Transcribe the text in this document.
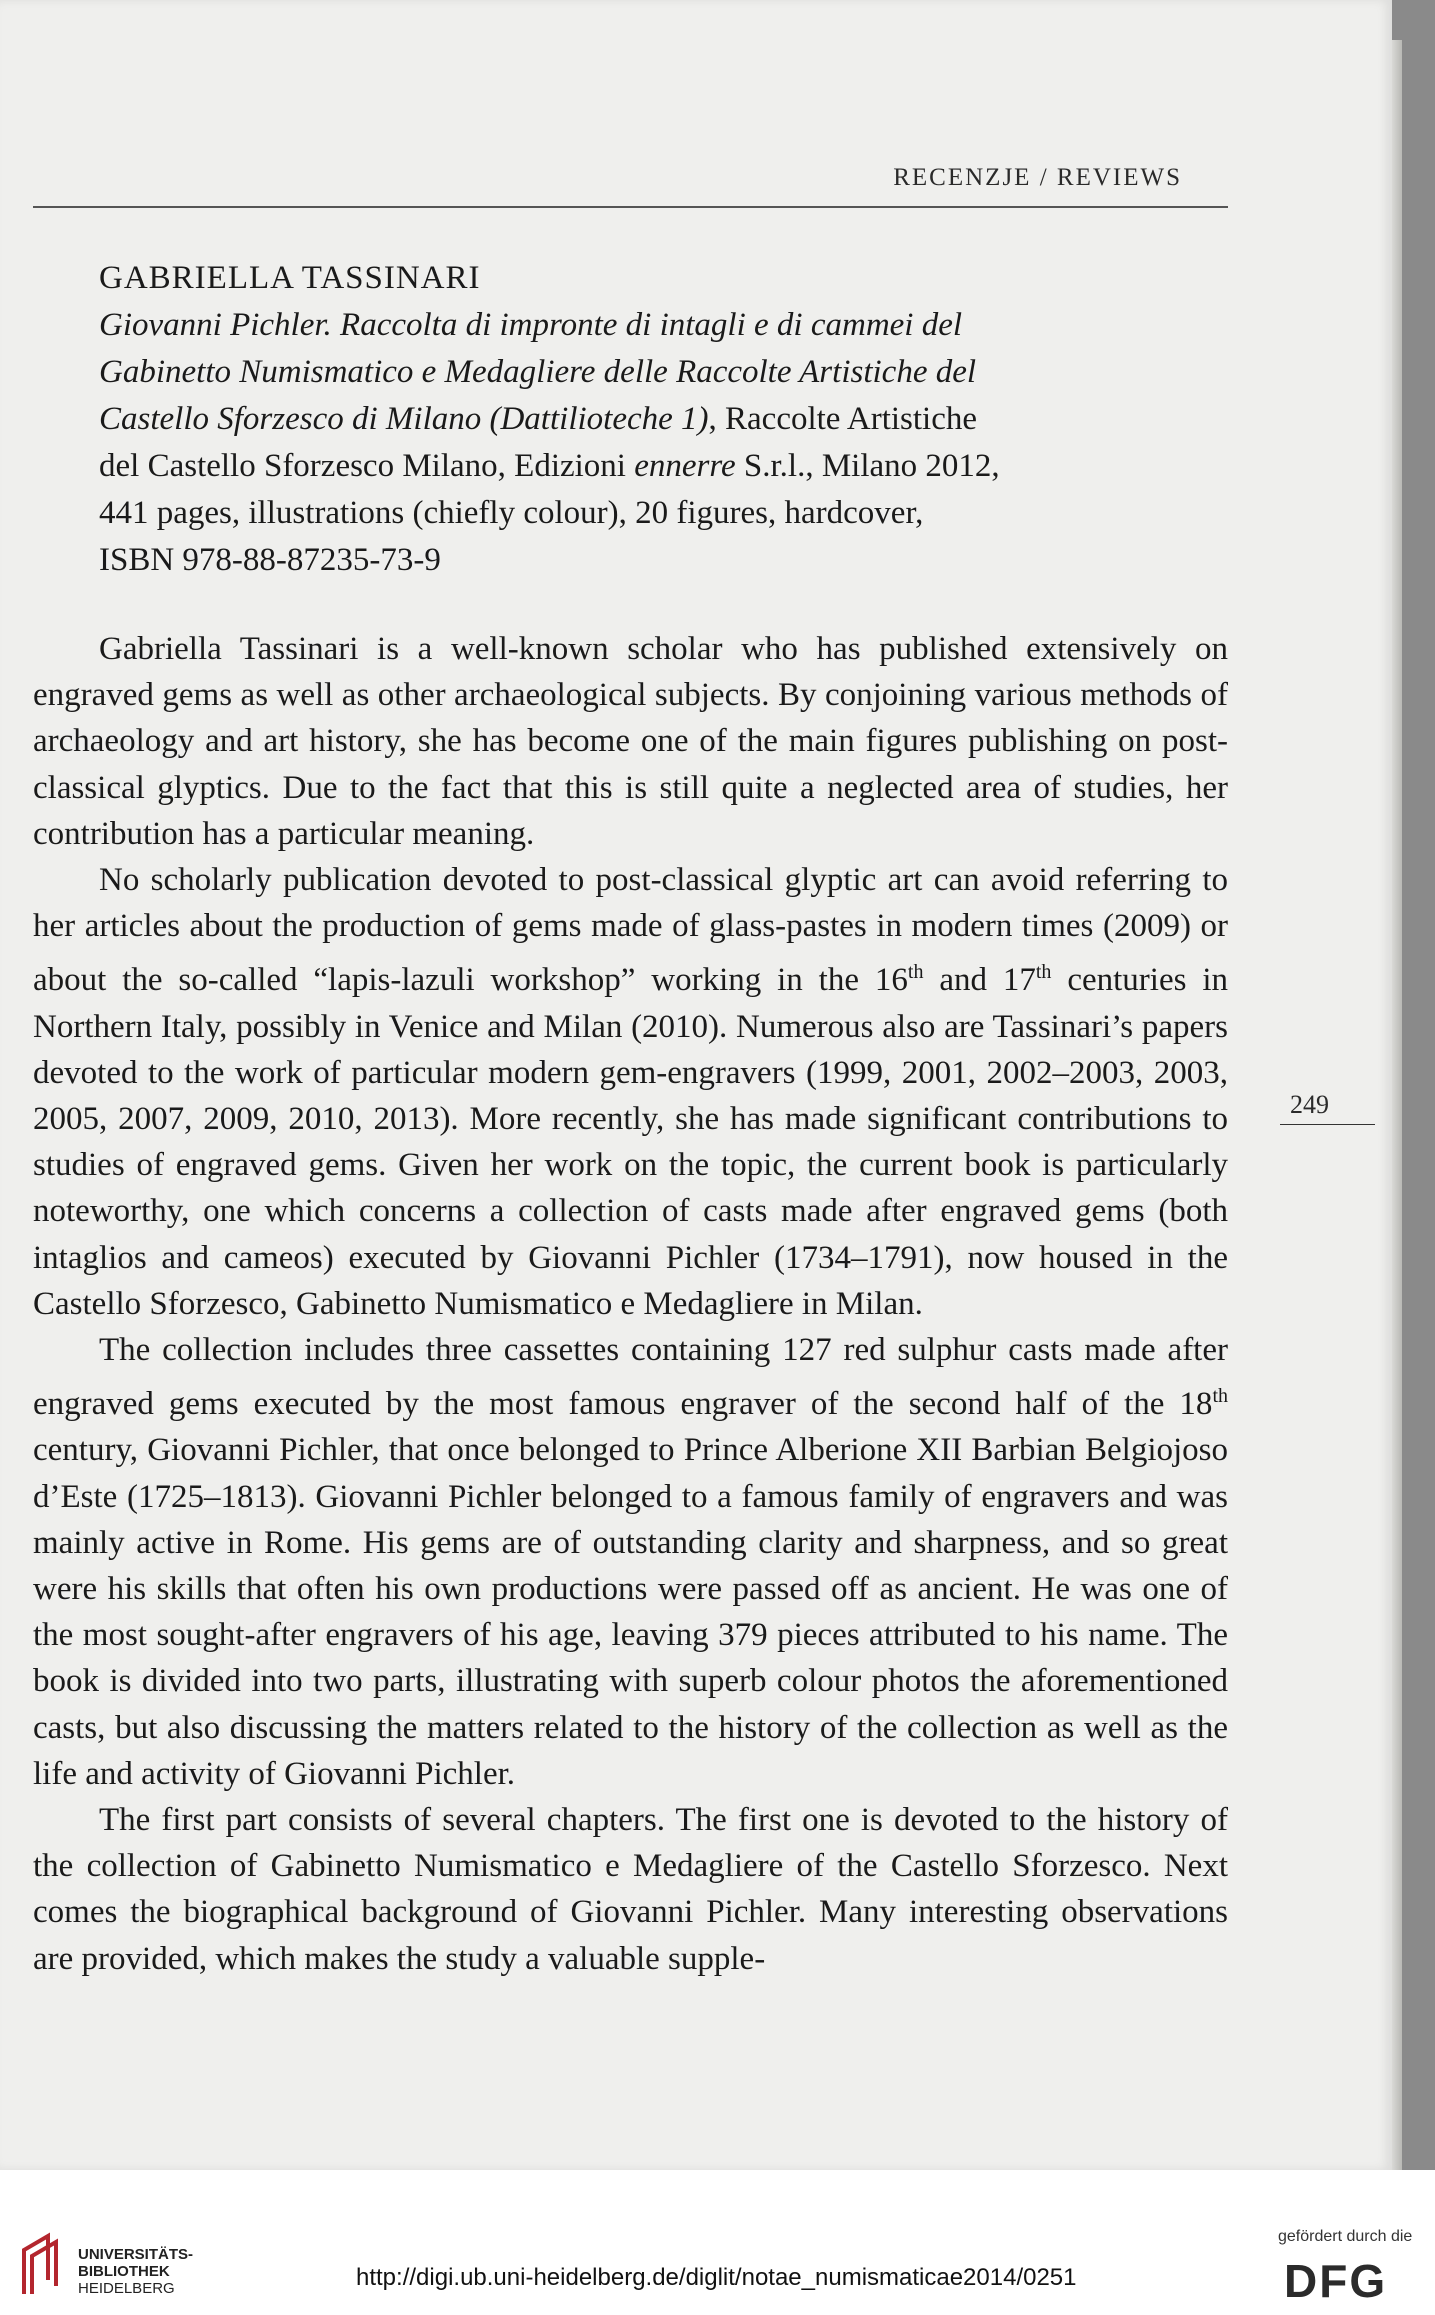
RECENZJE / REVIEWS
GABRIELLA TASSINARI
Giovanni Pichler. Raccolta di impronte di intagli e di cammei del
Gabinetto Numismatico e Medagliere delle Raccolte Artistiche del
Castello Sforzesco di Milano (Dattilioteche 1), Raccolte Artistiche
del Castello Sforzesco Milano, Edizioni ennerre S.r.l., Milano 2012,
441 pages, illustrations (chiefly colour), 20 figures, hardcover,
ISBN 978-88-87235-73-9

Gabriella Tassinari is a well-known scholar who has published extensively on engraved gems as well as other archaeological subjects. By conjoining various methods of archaeology and art history, she has become one of the main figures publishing on post-classical glyptics. Due to the fact that this is still quite a neglected area of studies, her contribution has a particular meaning.

No scholarly publication devoted to post-classical glyptic art can avoid referring to her articles about the production of gems made of glass-pastes in modern times (2009) or about the so-called “lapis-lazuli workshop” working in the 16th and 17th centuries in Northern Italy, possibly in Venice and Milan (2010). Numerous also are Tassinari’s papers devoted to the work of particular modern gem-engravers (1999, 2001, 2002–2003, 2003, 2005, 2007, 2009, 2010, 2013). More recently, she has made significant contributions to studies of engraved gems. Given her work on the topic, the current book is particularly noteworthy, one which concerns a collection of casts made after engraved gems (both intaglios and cameos) executed by Giovanni Pichler (1734–1791), now housed in the Castello Sforzesco, Gabinetto Numismatico e Medagliere in Milan.

The collection includes three cassettes containing 127 red sulphur casts made after engraved gems executed by the most famous engraver of the second half of the 18th century, Giovanni Pichler, that once belonged to Prince Alberione XII Barbian Belgiojoso d’Este (1725–1813). Giovanni Pichler belonged to a famous family of engravers and was mainly active in Rome. His gems are of outstanding clarity and sharpness, and so great were his skills that often his own productions were passed off as ancient. He was one of the most sought-after engravers of his age, leaving 379 pieces attributed to his name. The book is divided into two parts, illustrating with superb colour photos the aforementioned casts, but also discussing the matters related to the history of the collection as well as the life and activity of Giovanni Pichler.

The first part consists of several chapters. The first one is devoted to the history of the collection of Gabinetto Numismatico e Medagliere of the Castello Sforzesco. Next comes the biographical background of Giovanni Pichler. Many interesting observations are provided, which makes the study a valuable supple-

249
UNIVERSITÄTS-
BIBLIOTHEK
HEIDELBERG	http://digi.ub.uni-heidelberg.de/diglit/notae_numismaticae2014/0251
gefördert durch die
DFG
